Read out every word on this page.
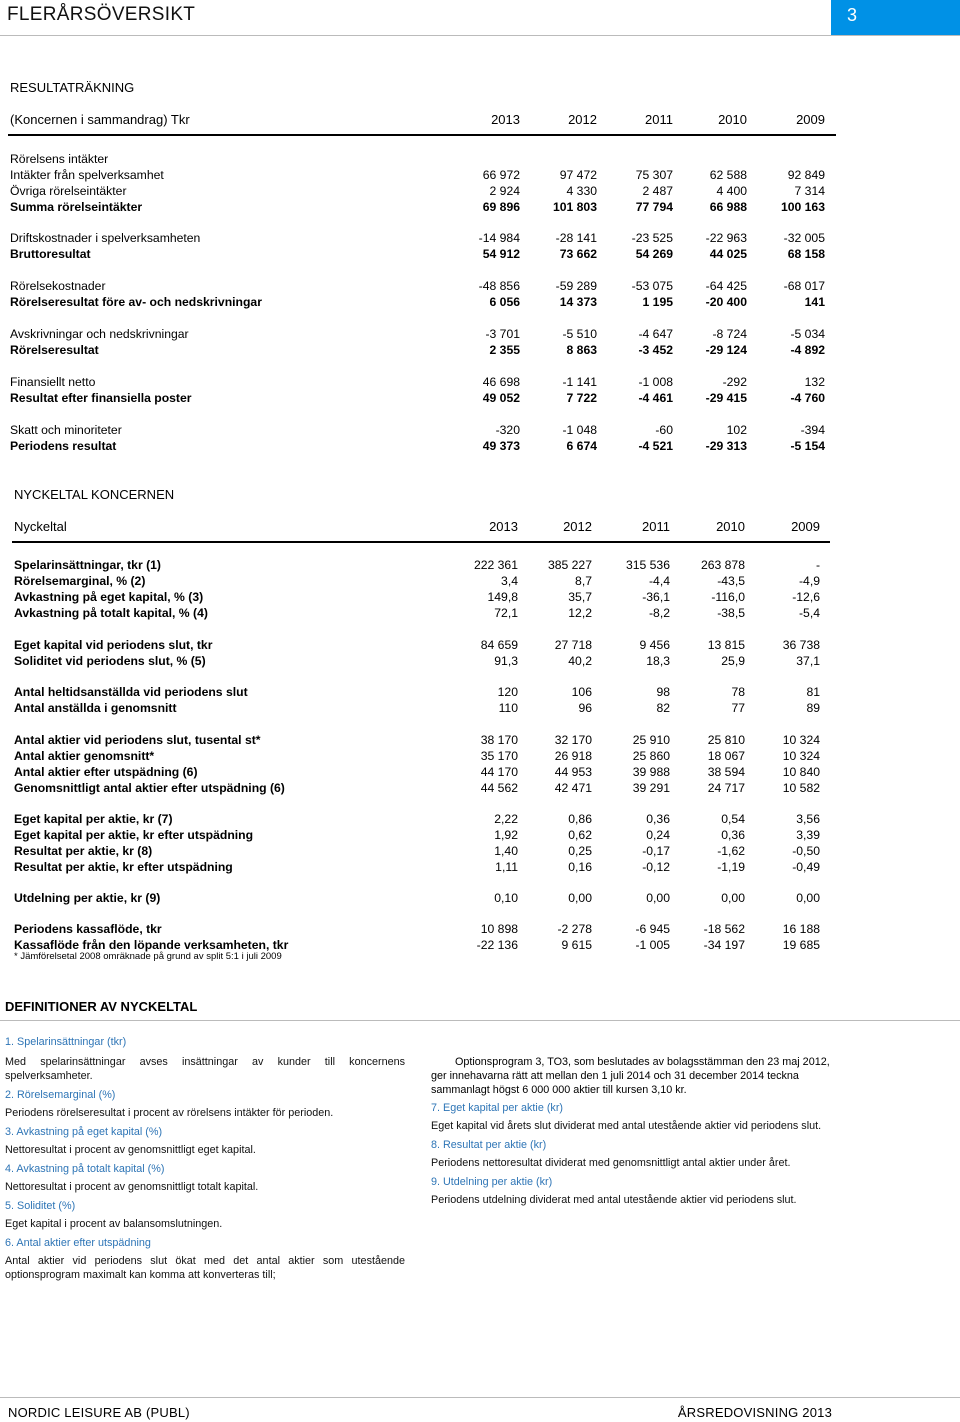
FLERÅRSÖVERSIKT	3
RESULTATRÄKNING
(Koncernen i sammandrag) Tkr	2013	2012	2011	2010	2009
Rörelsens intäkter
Intäkter från spelverksamhet	66 972	97 472	75 307	62 588	92 849
Övriga rörelseintäkter	2 924	4 330	2 487	4 400	7 314
Summa rörelseintäkter	69 896	101 803	77 794	66 988	100 163
Driftskostnader i spelverksamheten	-14 984	-28 141	-23 525	-22 963	-32 005
Bruttoresultat	54 912	73 662	54 269	44 025	68 158
Rörelsekostnader	-48 856	-59 289	-53 075	-64 425	-68 017
Rörelseresultat före av- och nedskrivningar	6 056	14 373	1 195	-20 400	141
Avskrivningar och nedskrivningar	-3 701	-5 510	-4 647	-8 724	-5 034
Rörelseresultat	2 355	8 863	-3 452	-29 124	-4 892
Finansiellt netto	46 698	-1 141	-1 008	-292	132
Resultat efter finansiella poster	49 052	7 722	-4 461	-29 415	-4 760
Skatt och minoriteter	-320	-1 048	-60	102	-394
Periodens resultat	49 373	6 674	-4 521	-29 313	-5 154
NYCKELTAL KONCERNEN
Nyckeltal	2013	2012	2011	2010	2009
Spelarinsättningar, tkr (1)	222 361	385 227	315 536	263 878	-
Rörelsemarginal, % (2)	3,4	8,7	-4,4	-43,5	-4,9
Avkastning på eget kapital, % (3)	149,8	35,7	-36,1	-116,0	-12,6
Avkastning på totalt kapital, % (4)	72,1	12,2	-8,2	-38,5	-5,4
Eget kapital vid periodens slut, tkr	84 659	27 718	9 456	13 815	36 738
Soliditet vid periodens slut, % (5)	91,3	40,2	18,3	25,9	37,1
Antal heltidsanställda vid periodens slut	120	106	98	78	81
Antal anställda i genomsnitt	110	96	82	77	89
Antal aktier vid periodens slut, tusental st*	38 170	32 170	25 910	25 810	10 324
Antal aktier genomsnitt*	35 170	26 918	25 860	18 067	10 324
Antal aktier efter utspädning (6)	44 170	44 953	39 988	38 594	10 840
Genomsnittligt antal aktier efter utspädning (6)	44 562	42 471	39 291	24 717	10 582
Eget kapital per aktie, kr (7)	2,22	0,86	0,36	0,54	3,56
Eget kapital per aktie, kr efter utspädning	1,92	0,62	0,24	0,36	3,39
Resultat per aktie, kr (8)	1,40	0,25	-0,17	-1,62	-0,50
Resultat per aktie, kr efter utspädning	1,11	0,16	-0,12	-1,19	-0,49
Utdelning per aktie, kr (9)	0,10	0,00	0,00	0,00	0,00
Periodens kassaflöde, tkr	10 898	-2 278	-6 945	-18 562	16 188
Kassaflöde från den löpande verksamheten, tkr	-22 136	9 615	-1 005	-34 197	19 685
* Jämförelsetal 2008 omräknade på grund av split 5:1 i juli 2009
DEFINITIONER AV NYCKELTAL
1. Spelarinsättningar (tkr)
Med spelarinsättningar avses insättningar av kunder till koncernens spelverksamheter.
2. Rörelsemarginal (%)
Periodens rörelseresultat i procent av rörelsens intäkter för perioden.
3. Avkastning på eget kapital (%)
Nettoresultat i procent av genomsnittligt eget kapital.
4. Avkastning på totalt kapital (%)
Nettoresultat i procent av genomsnittligt totalt kapital.
5. Soliditet (%)
Eget kapital i procent av balansomslutningen.
6. Antal aktier efter utspädning
Antal aktier vid periodens slut ökat med det antal aktier som utestående optionsprogram maximalt kan komma att konverteras till;
Optionsprogram 3, TO3, som beslutades av bolagsstämman den 23 maj 2012, ger innehavarna rätt att mellan den 1 juli 2014 och 31 december 2014 teckna sammanlagt högst 6 000 000 aktier till kursen 3,10 kr.
7. Eget kapital per aktie (kr)
Eget kapital vid årets slut dividerat med antal utestående aktier vid periodens slut.
8. Resultat per aktie (kr)
Periodens nettoresultat dividerat med genomsnittligt antal aktier under året.
9. Utdelning per aktie (kr)
Periodens utdelning dividerat med antal utestående aktier vid periodens slut.
NORDIC LEISURE AB (PUBL)	ÅRSREDOVISNING 2013
